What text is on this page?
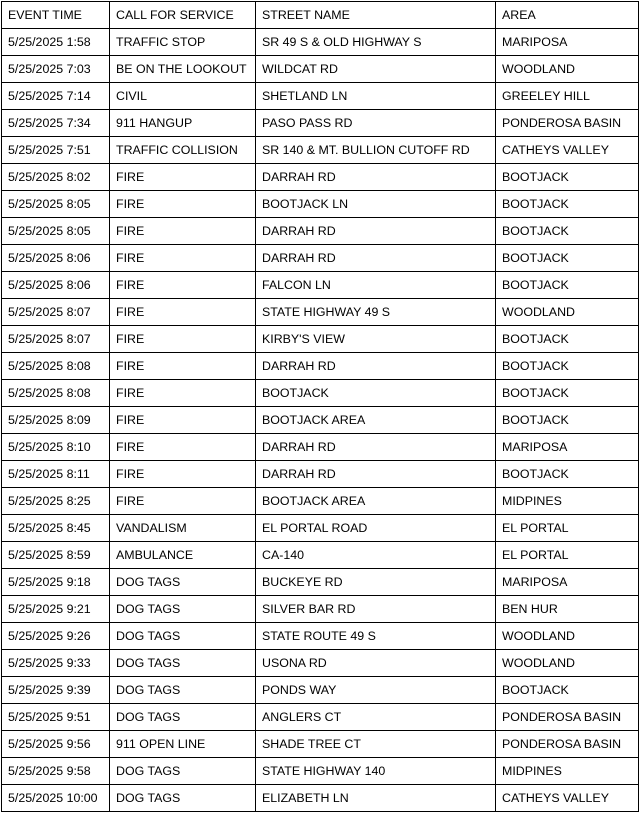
EVENT TIME	CALL FOR SERVICE	STREET NAME	AREA
5/25/2025 1:58	TRAFFIC STOP	SR 49 S & OLD HIGHWAY S	MARIPOSA
5/25/2025 7:03	BE ON THE LOOKOUT	WILDCAT RD	WOODLAND
5/25/2025 7:14	CIVIL	SHETLAND LN	GREELEY HILL
5/25/2025 7:34	911 HANGUP	PASO PASS RD	PONDEROSA BASIN
5/25/2025 7:51	TRAFFIC COLLISION	SR 140 & MT. BULLION CUTOFF RD	CATHEYS VALLEY
5/25/2025 8:02	FIRE	DARRAH RD	BOOTJACK
5/25/2025 8:05	FIRE	BOOTJACK LN	BOOTJACK
5/25/2025 8:05	FIRE	DARRAH RD	BOOTJACK
5/25/2025 8:06	FIRE	DARRAH RD	BOOTJACK
5/25/2025 8:06	FIRE	FALCON LN	BOOTJACK
5/25/2025 8:07	FIRE	STATE HIGHWAY 49 S	WOODLAND
5/25/2025 8:07	FIRE	KIRBY'S VIEW	BOOTJACK
5/25/2025 8:08	FIRE	DARRAH RD	BOOTJACK
5/25/2025 8:08	FIRE	BOOTJACK	BOOTJACK
5/25/2025 8:09	FIRE	BOOTJACK AREA	BOOTJACK
5/25/2025 8:10	FIRE	DARRAH RD	MARIPOSA
5/25/2025 8:11	FIRE	DARRAH RD	BOOTJACK
5/25/2025 8:25	FIRE	BOOTJACK AREA	MIDPINES
5/25/2025 8:45	VANDALISM	EL PORTAL ROAD	EL PORTAL
5/25/2025 8:59	AMBULANCE	CA-140	EL PORTAL
5/25/2025 9:18	DOG TAGS	BUCKEYE RD	MARIPOSA
5/25/2025 9:21	DOG TAGS	SILVER BAR RD	BEN HUR
5/25/2025 9:26	DOG TAGS	STATE ROUTE 49 S	WOODLAND
5/25/2025 9:33	DOG TAGS	USONA RD	WOODLAND
5/25/2025 9:39	DOG TAGS	PONDS WAY	BOOTJACK
5/25/2025 9:51	DOG TAGS	ANGLERS CT	PONDEROSA BASIN
5/25/2025 9:56	911 OPEN LINE	SHADE TREE CT	PONDEROSA BASIN
5/25/2025 9:58	DOG TAGS	STATE HIGHWAY 140	MIDPINES
5/25/2025 10:00	DOG TAGS	ELIZABETH LN	CATHEYS VALLEY
